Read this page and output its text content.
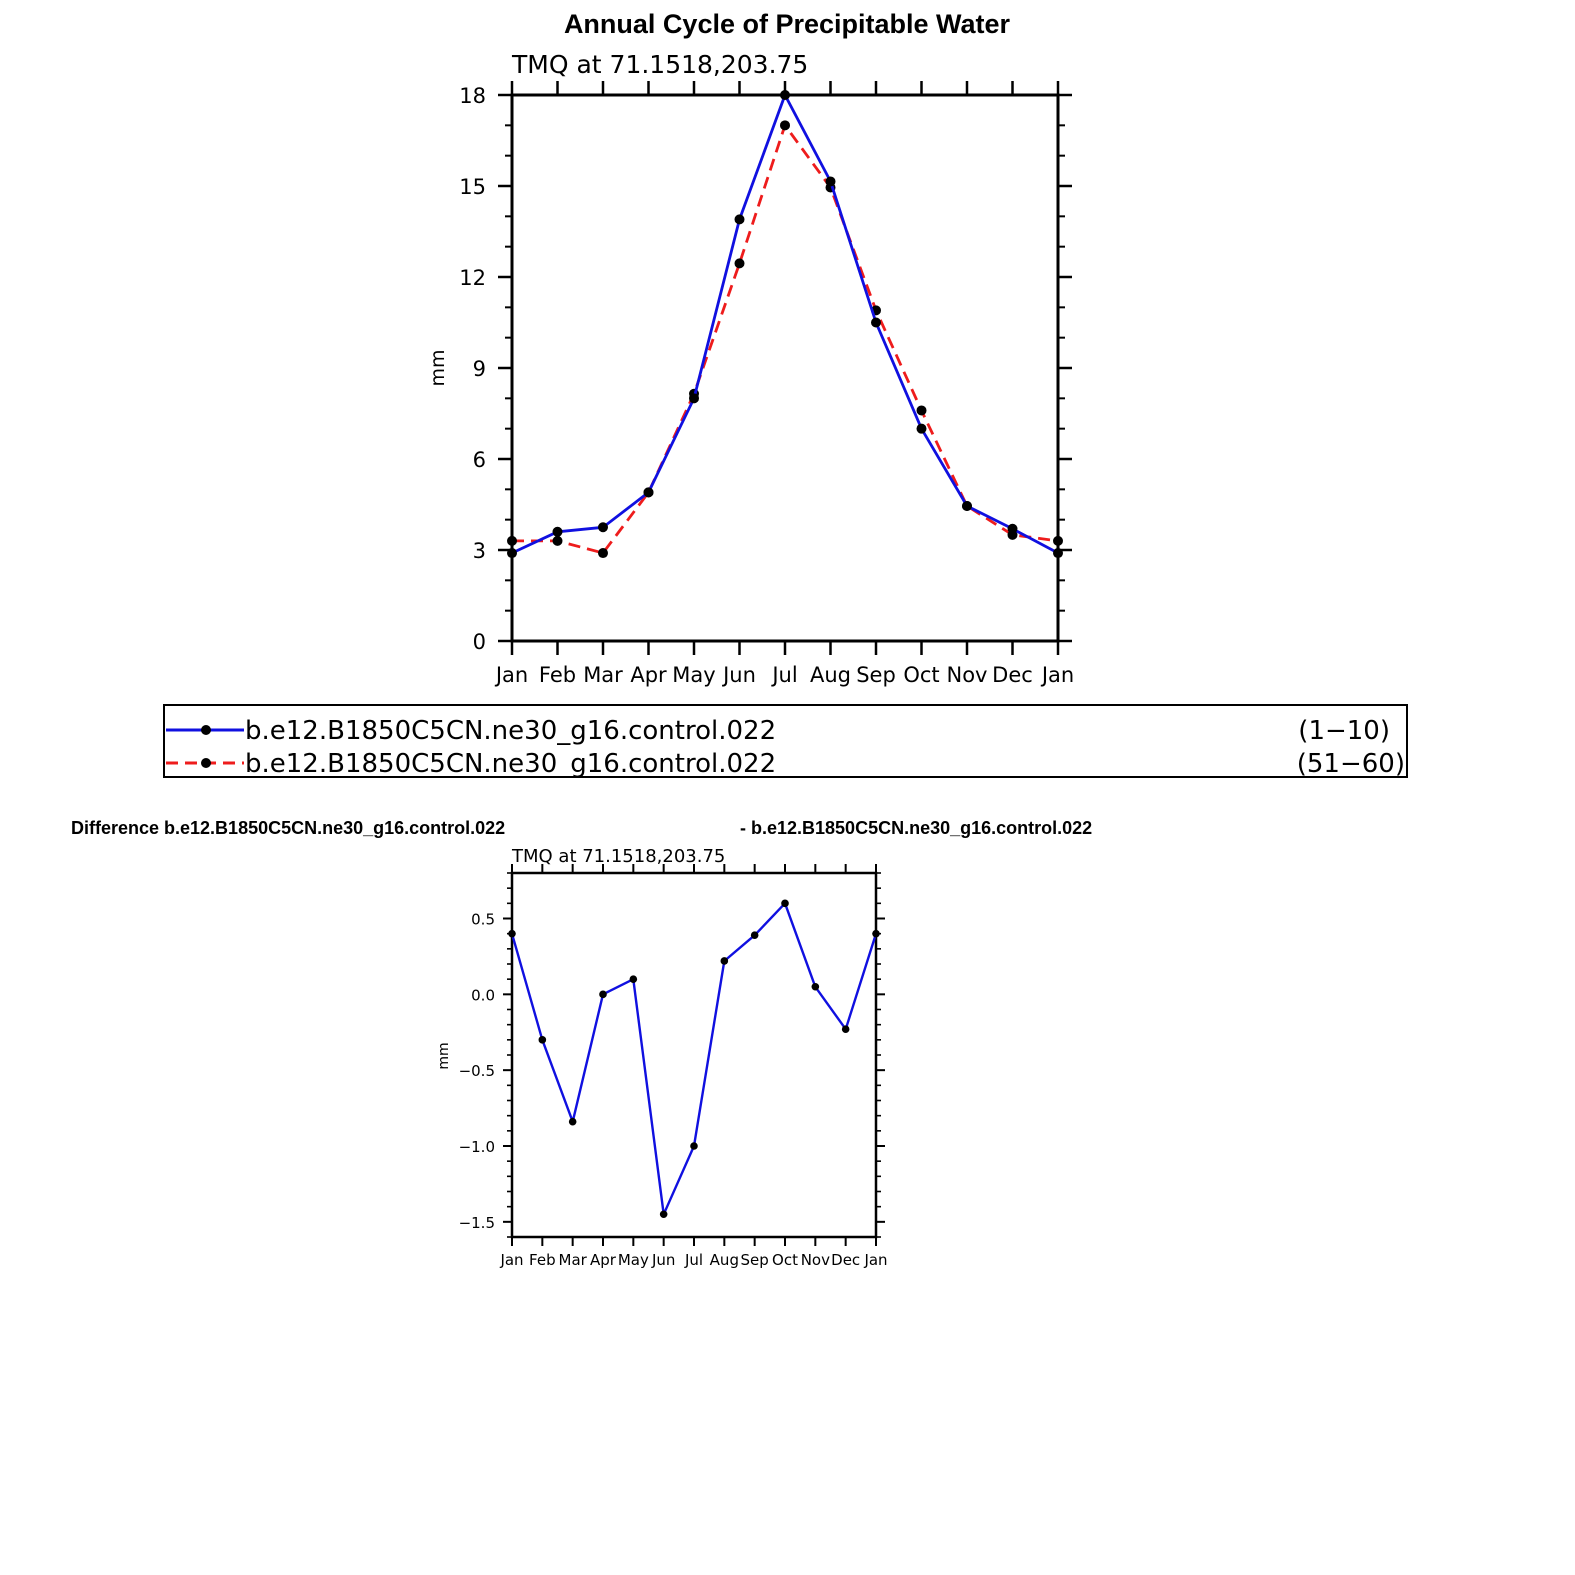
Annual Cycle of Precipitable Water
TMQ at 71.1518,203.75
mm
Jan Feb Mar Apr May Jun Jul Aug Sep Oct Nov Dec Jan
0
3
6
9
12
15
18
b.e12.B1850C5CN.ne30_g16.control.022	(1−10)
b.e12.B1850C5CN.ne30_g16.control.022	(51−60)
Difference b.e12.B1850C5CN.ne30_g16.control.022	- b.e12.B1850C5CN.ne30_g16.control.022
TMQ at 71.1518,203.75
mm
Jan Feb Mar Apr May Jun Jul Aug Sep Oct Nov Dec Jan
−1.5
−1.0
−0.5
0.0
0.5
